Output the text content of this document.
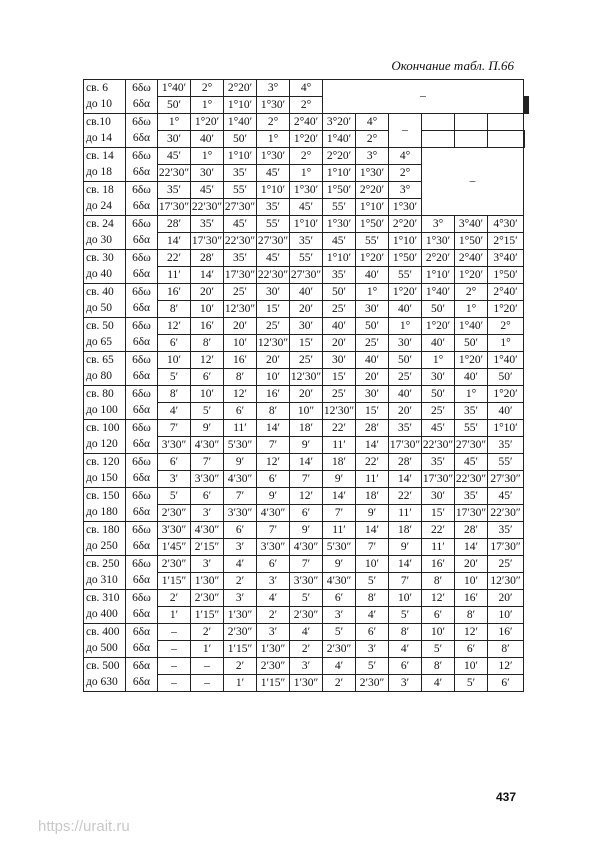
Окончание табл. П.66
св. 6	6δω	1°40′	2°	2°20′	3°	4°	–								
до 10	6δα	50′	1°	1°10′	1°30′	2°									
св.10	6δω	1°	1°20′	1°40′	2°	2°40′	3°20′	4°	–						
до 14	6δα	30′	40′	50′	1°	1°20′	1°40′	2°							
св. 14	6δω	45′	1°	1°10′	1°30′	2°	2°20′	3°	4°	–					
до 18	6δα	22′30″	30′	35′	45′	1°	1°10′	1°30′	2°						
св. 18	6δω	35′	45′	55′	1°10′	1°30′	1°50′	2°20′	3°						
до 24	6δα	17′30″	22′30″	27′30″	35′	45′	55′	1°10′	1°30′						
св. 24	6δω	28′	35′	45′	55′	1°10′	1°30′	1°50′	2°20′	3°	3°40′	4°30′			
до 30	6δα	14′	17′30″	22′30″	27′30″	35′	45′	55′	1°10′	1°30′	1°50′	2°15′			
св. 30	6δω	22′	28′	35′	45′	55′	1°10′	1°20′	1°50′	2°20′	2°40′	3°40′			
до 40	6δα	11′	14′	17′30″	22′30″	27′30″	35′	40′	55′	1°10′	1°20′	1°50′			
св. 40	6δω	16′	20′	25′	30′	40′	50′	1°	1°20′	1°40′	2°	2°40′			
до 50	6δα	8′	10′	12′30″	15′	20′	25′	30′	40′	50′	1°	1°20′			
св. 50	6δω	12′	16′	20′	25′	30′	40′	50′	1°	1°20′	1°40′	2°			
до 65	6δα	6′	8′	10′	12′30″	15′	20′	25′	30′	40′	50′	1°			
св. 65	6δω	10′	12′	16′	20′	25′	30′	40′	50′	1°	1°20′	1°40′			
до 80	6δα	5′	6′	8′	10′	12′30″	15′	20′	25′	30′	40′	50′			
св. 80	6δω	8′	10′	12′	16′	20′	25′	30′	40′	50′	1°	1°20′			
до 100	6δα	4′	5′	6′	8′	10″	12′30″	15′	20′	25′	35′	40′			
св. 100	6δω	7′	9′	11′	14′	18′	22′	28′	35′	45′	55′	1°10′			
до 120	6δα	3′30″	4′30″	5′30″	7′	9′	11′	14′	17′30″	22′30″	27′30″	35′			
св. 120	6δω	6′	7′	9′	12′	14′	18′	22′	28′	35′	45′	55′			
до 150	6δα	3′	3′30″	4′30″	6′	7′	9′	11′	14′	17′30″	22′30″	27′30″			
св. 150	6δω	5′	6′	7′	9′	12′	14′	18′	22′	30′	35′	45′			
до 180	6δα	2′30″	3′	3′30″	4′30″	6′	7′	9′	11′	15′	17′30″	22′30″			
св. 180	6δω	3′30″	4′30″	6′	7′	9′	11′	14′	18′	22′	28′	35′			
до 250	6δα	1′45″	2′15″	3′	3′30″	4′30″	5′30″	7′	9′	11′	14′	17′30″			
св. 250	6δω	2′30″	3′	4′	6′	7′	9′	10′	14′	16′	20′	25′			
до 310	6δα	1′15″	1′30″	2′	3′	3′30″	4′30″	5′	7′	8′	10′	12′30″			
св. 310	6δω	2′	2′30″	3′	4′	5′	6′	8′	10′	12′	16′	20′			
до 400	6δα	1′	1′15″	1′30″	2′	2′30″	3′	4′	5′	6′	8′	10′			
св. 400	6δα	–	2′	2′30″	3′	4′	5′	6′	8′	10′	12′	16′			
до 500	6δα	–	1′	1′15″	1′30″	2′	2′30″	3′	4′	5′	6′	8′			
св. 500	6δα	–	–	2′	2′30″	3′	4′	5′	6′	8′	10′	12′			
до 630	6δα	–	–	1′	1′15″	1′30″	2′	2′30″	3′	4′	5′	6′			
437
https://urait.ru
